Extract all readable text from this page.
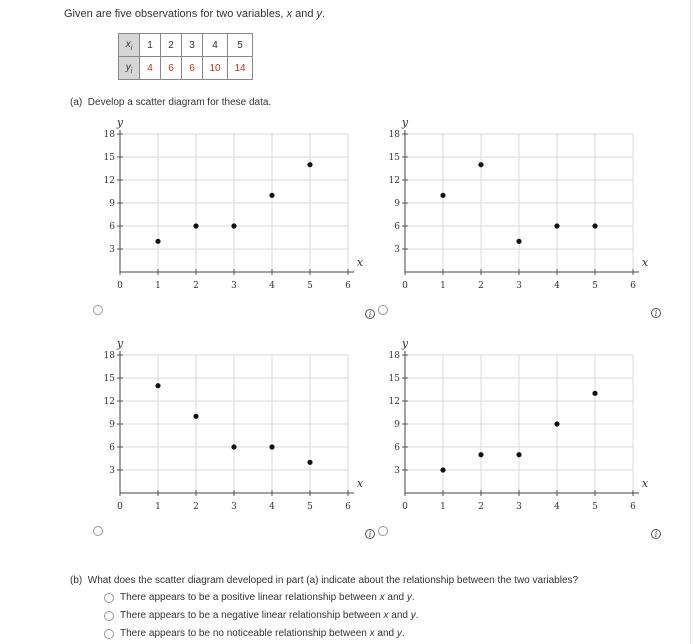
Given are five observations for two variables, x and y.
$x_i$	1	2	3	4	5
$y_i$	4	6	6	10	14
(a) Develop a scatter diagram for these data.
3
6
9
12
15
18
0	1	2	3	4	5	6
y
x
3
6
9
12
15
18
0	1	2	3	4	5	6
y
x
3
6
9
12
15
18
0	1	2	3	4	5	6
y
x
3
6
9
12
15
18
0	1	2	3	4	5	6
y
x
i	i
i	i
(b) What does the scatter diagram developed in part (a) indicate about the relationship between the two variables?
There appears to be a positive linear relationship between x and y.
There appears to be a negative linear relationship between x and y.
There appears to be no noticeable relationship between x and y.
